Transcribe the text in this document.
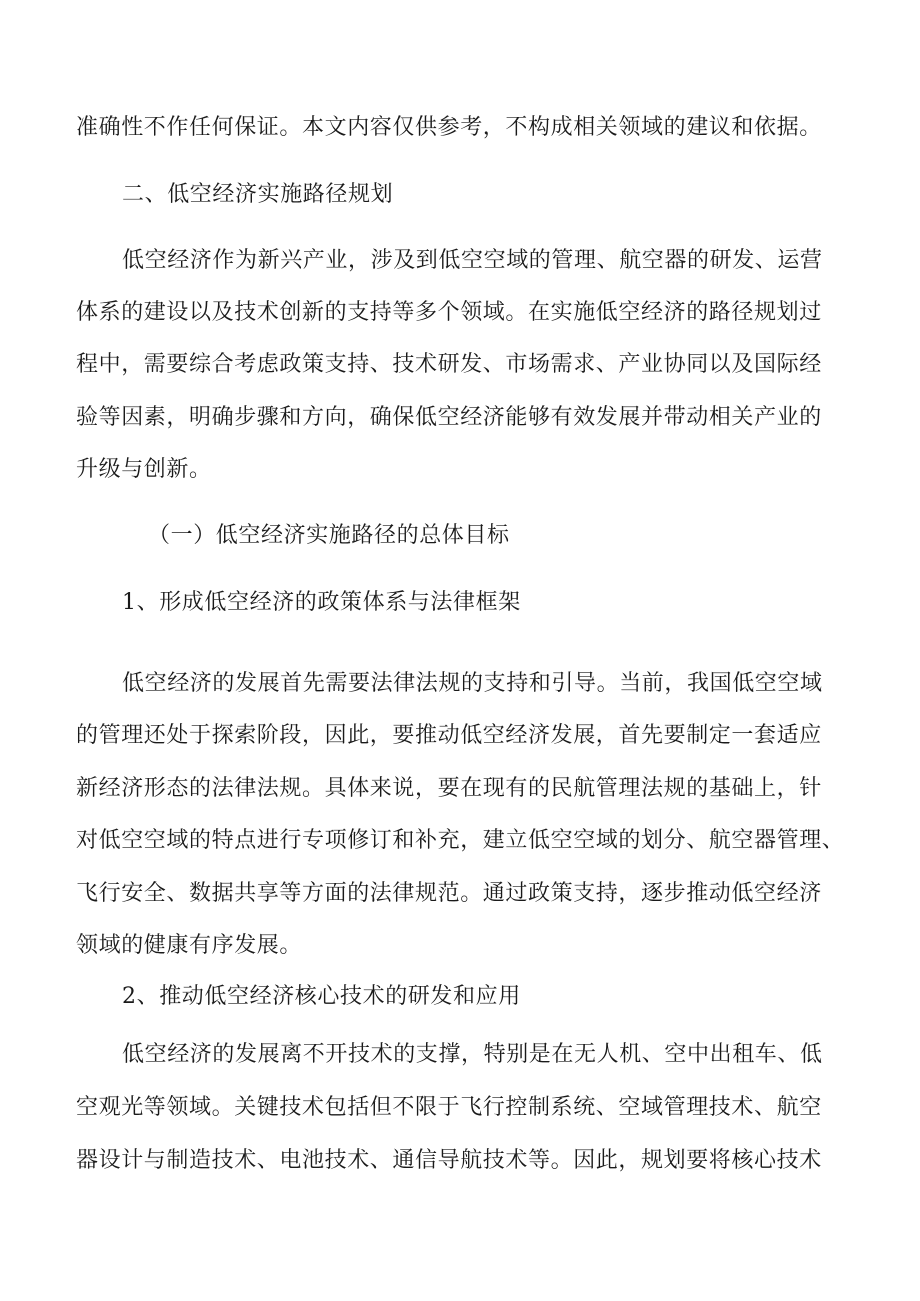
准确性不作任何保证。本文内容仅供参考，不构成相关领域的建议和依据。
二、低空经济实施路径规划
低空经济作为新兴产业，涉及到低空空域的管理、航空器的研发、运营
体系的建设以及技术创新的支持等多个领域。在实施低空经济的路径规划过
程中，需要综合考虑政策支持、技术研发、市场需求、产业协同以及国际经
验等因素，明确步骤和方向，确保低空经济能够有效发展并带动相关产业的
升级与创新。
（一）低空经济实施路径的总体目标
1、形成低空经济的政策体系与法律框架
低空经济的发展首先需要法律法规的支持和引导。当前，我国低空空域
的管理还处于探索阶段，因此，要推动低空经济发展，首先要制定一套适应
新经济形态的法律法规。具体来说，要在现有的民航管理法规的基础上，针
对低空空域的特点进行专项修订和补充，建立低空空域的划分、航空器管理、
飞行安全、数据共享等方面的法律规范。通过政策支持，逐步推动低空经济
领域的健康有序发展。
2、推动低空经济核心技术的研发和应用
低空经济的发展离不开技术的支撑，特别是在无人机、空中出租车、低
空观光等领域。关键技术包括但不限于飞行控制系统、空域管理技术、航空
器设计与制造技术、电池技术、通信导航技术等。因此，规划要将核心技术
